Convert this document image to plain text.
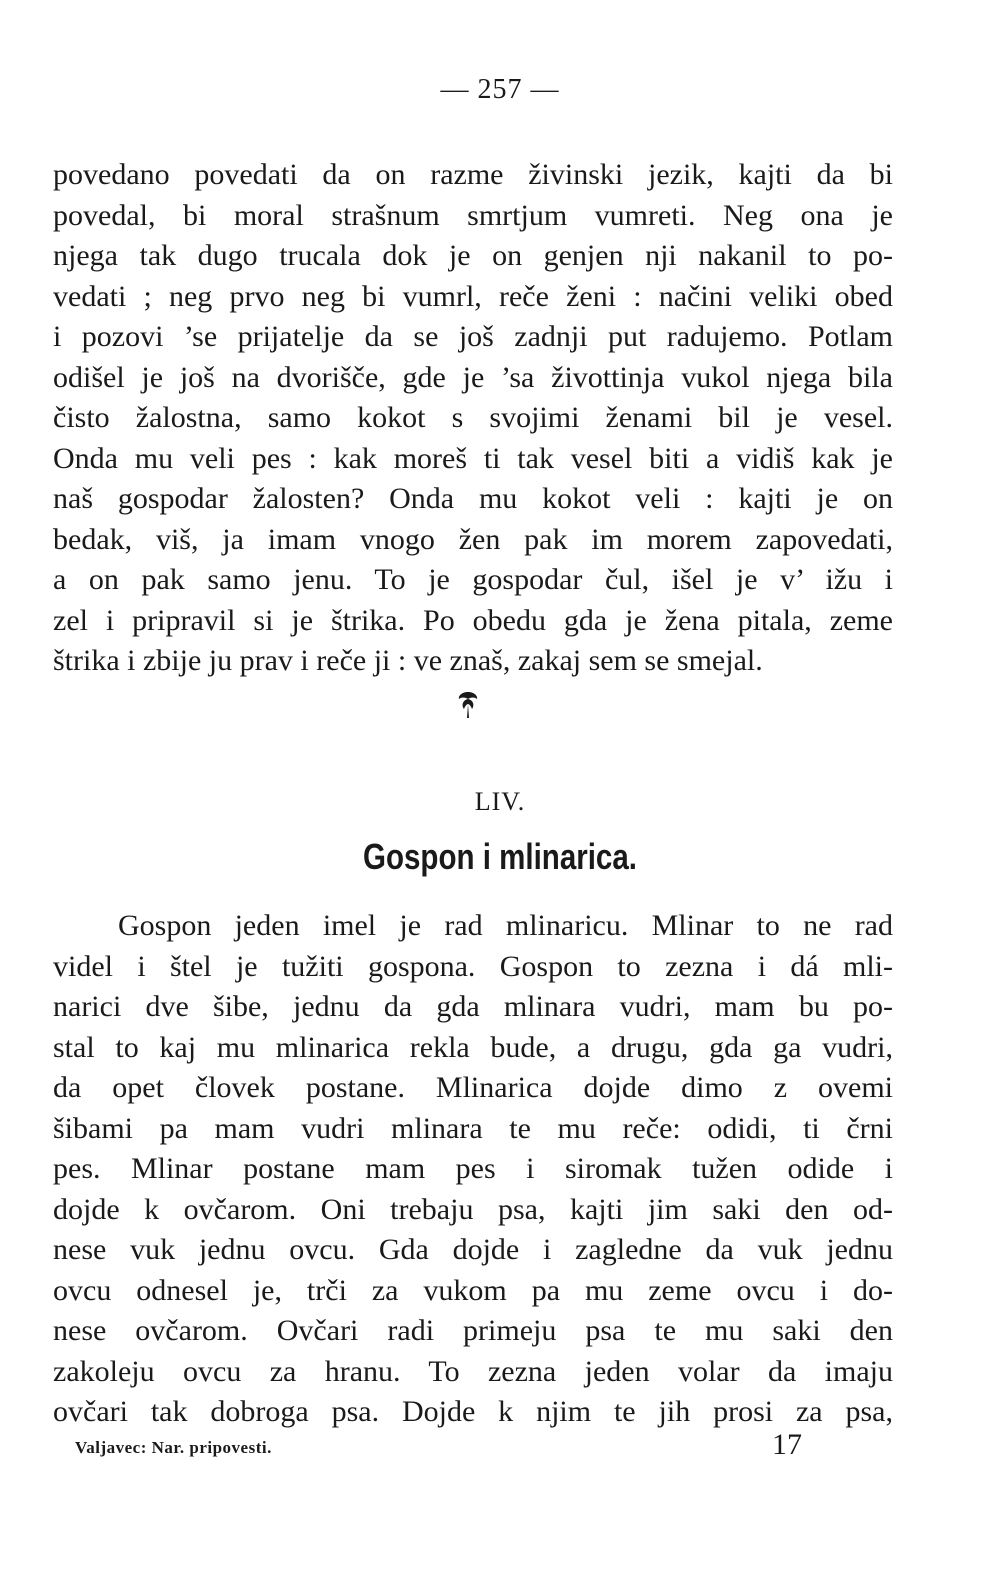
— 257 —
povedano povedati da on razme živinski jezik, kajti da bi
povedal, bi moral strašnum smrtjum vumreti. Neg ona je
njega tak dugo trucala dok je on genjen nji nakanil to po-
vedati ; neg prvo neg bi vumrl, reče ženi : načini veliki obed
i pozovi ’se prijatelje da se još zadnji put radujemo. Potlam
odišel je još na dvorišče, gde je ’sa živottinja vukol njega bila
čisto žalostna, samo kokot s svojimi ženami bil je vesel.
Onda mu veli pes : kak moreš ti tak vesel biti a vidiš kak je
naš gospodar žalosten? Onda mu kokot veli : kajti je on
bedak, viš, ja imam vnogo žen pak im morem zapovedati,
a on pak samo jenu. To je gospodar čul, išel je v’ ižu i
zel i pripravil si je štrika. Po obedu gda je žena pitala, zeme
štrika i zbije ju prav i reče ji : ve znaš, zakaj sem se smejal.
LIV.
Gospon i mlinarica.
Gospon jeden imel je rad mlinaricu. Mlinar to ne rad
videl i štel je tužiti gospona. Gospon to zezna i dá mli-
narici dve šibe, jednu da gda mlinara vudri, mam bu po-
stal to kaj mu mlinarica rekla bude, a drugu, gda ga vudri,
da opet človek postane. Mlinarica dojde dimo z ovemi
šibami pa mam vudri mlinara te mu reče: odidi, ti črni
pes. Mlinar postane mam pes i siromak tužen odide i
dojde k ovčarom. Oni trebaju psa, kajti jim saki den od-
nese vuk jednu ovcu. Gda dojde i zagledne da vuk jednu
ovcu odnesel je, trči za vukom pa mu zeme ovcu i do-
nese ovčarom. Ovčari radi primeju psa te mu saki den
zakoleju ovcu za hranu. To zezna jeden volar da imaju
ovčari tak dobroga psa. Dojde k njim te jih prosi za psa,
Valjavec: Nar. pripovesti.	17
